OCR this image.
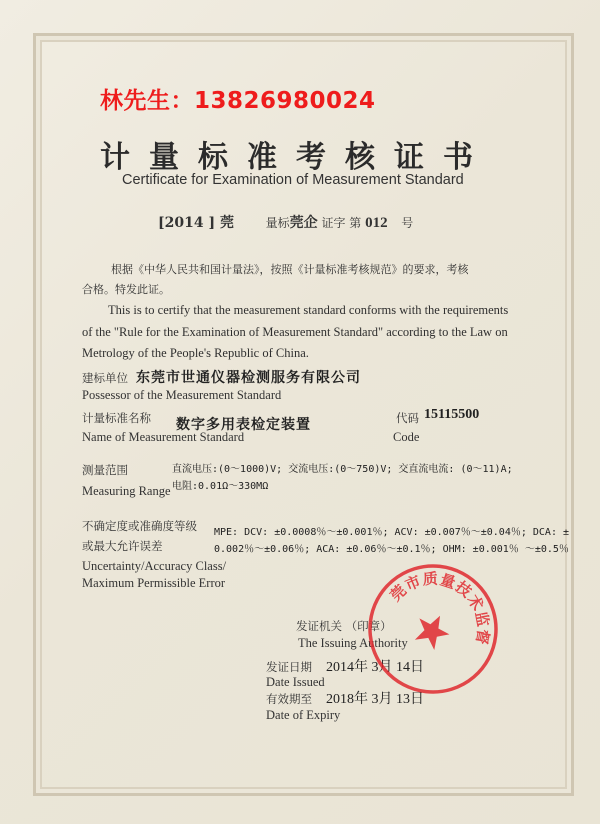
林先生：13826980024
计量标准考核证书
Certificate for Examination of Measurement Standard
[2014 ] 莞	量标莞企 证字 第 012 号
根据《中华人民共和国计量法》，按照《计量标准考核规范》的要求，考核
合格。特发此证。
This is to certify that the measurement standard conforms with the requirements
of the "Rule for the Examination of Measurement Standard" according to the Law on
Metrology of the People's Republic of China.
建标单位 东莞市世通仪器检测服务有限公司
Possessor of the Measurement Standard
计量标准名称 数字多用表检定装置	代码 15115500
Name of Measurement Standard	Code
测量范围	直流电压:(0～1000)V; 交流电压:(0～750)V; 交直流电流: (0～11)A;
电阻:0.01Ω～330MΩ
Measuring Range
不确定度或准确度等级
或最大允许误差
MPE: DCV: ±0.0008％～±0.001％; ACV: ±0.007％～±0.04％; DCA: ±
0.002％～±0.06％; ACA: ±0.06％～±0.1％; OHM: ±0.001％ ～±0.5％
Uncertainty/Accuracy Class/
Maximum Permissible Error
发证机关 （印章）
The Issuing Authority
发证日期 2014年 3月 14日
Date Issued
有效期至 2018年 3月 13日
Date of Expiry
东莞市质量技术监督局
